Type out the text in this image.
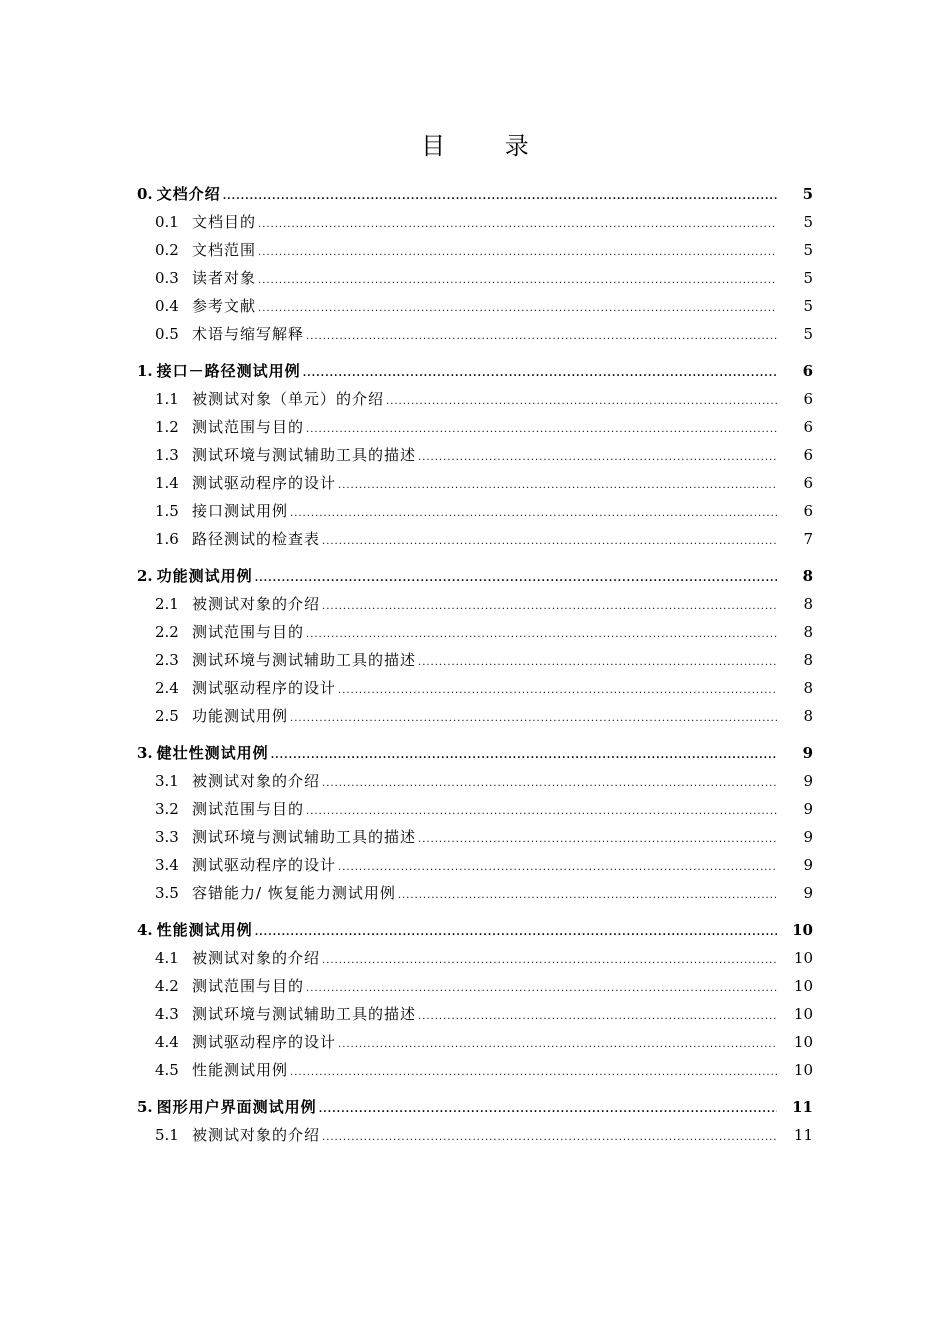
目 录
0. 文档介绍 .....	5
0.1 文档目的 .....	5
0.2 文档范围 .....	5
0.3 读者对象 .....	5
0.4 参考文献 .....	5
0.5 术语与缩写解释 .....	5
1. 接口－路径测试用例 .....	6
1.1 被测试对象（单元）的介绍 .....	6
1.2 测试范围与目的 .....	6
1.3 测试环境与测试辅助工具的描述 .....	6
1.4 测试驱动程序的设计 .....	6
1.5 接口测试用例 .....	6
1.6 路径测试的检查表 .....	7
2. 功能测试用例 .....	8
2.1 被测试对象的介绍 .....	8
2.2 测试范围与目的 .....	8
2.3 测试环境与测试辅助工具的描述 .....	8
2.4 测试驱动程序的设计 .....	8
2.5 功能测试用例 .....	8
3. 健壮性测试用例 .....	9
3.1 被测试对象的介绍 .....	9
3.2 测试范围与目的 .....	9
3.3 测试环境与测试辅助工具的描述 .....	9
3.4 测试驱动程序的设计 .....	9
3.5 容错能力/ 恢复能力测试用例 .....	9
4. 性能测试用例 .....	10
4.1 被测试对象的介绍 .....	10
4.2 测试范围与目的 .....	10
4.3 测试环境与测试辅助工具的描述 .....	10
4.4 测试驱动程序的设计 .....	10
4.5 性能测试用例 .....	10
5. 图形用户界面测试用例 .....	11
5.1 被测试对象的介绍 .....	11
